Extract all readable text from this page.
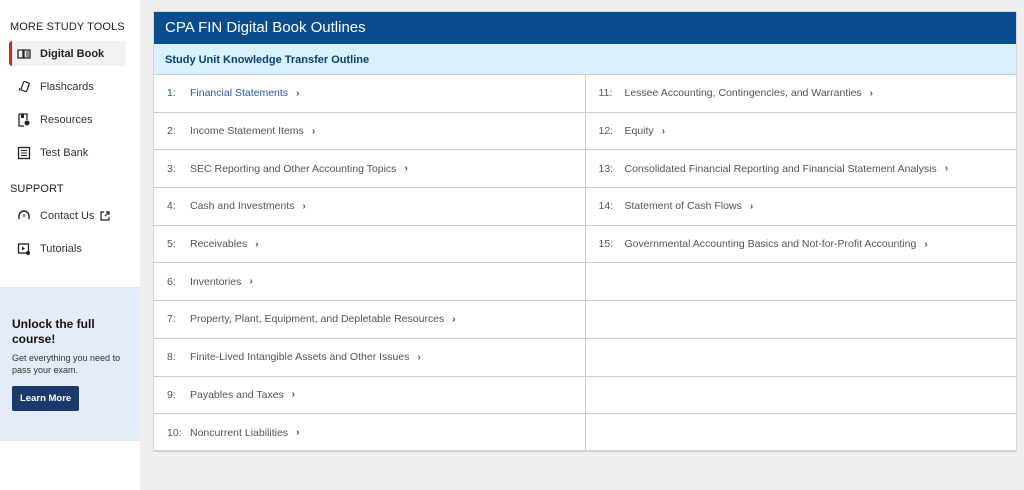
MORE STUDY TOOLS
Digital Book
Flashcards
Resources
Test Bank
SUPPORT
Contact Us
Tutorials
Unlock the full course!

Get everything you need to pass your exam.

Learn More
CPA FIN Digital Book Outlines
Study Unit Knowledge Transfer Outline
1:	Financial Statements ›
2:	Income Statement Items ›
3:	SEC Reporting and Other Accounting Topics ›
4:	Cash and Investments ›
5:	Receivables ›
6:	Inventories ›
7:	Property, Plant, Equipment, and Depletable Resources ›
8:	Finite-Lived Intangible Assets and Other Issues ›
9:	Payables and Taxes ›
10: Noncurrent Liabilities ›
11:	Lessee Accounting, Contingencies, and Warranties ›
12:	Equity ›
13:	Consolidated Financial Reporting and Financial Statement Analysis ›
14:	Statement of Cash Flows ›
15:	Governmental Accounting Basics and Not-for-Profit Accounting ›
